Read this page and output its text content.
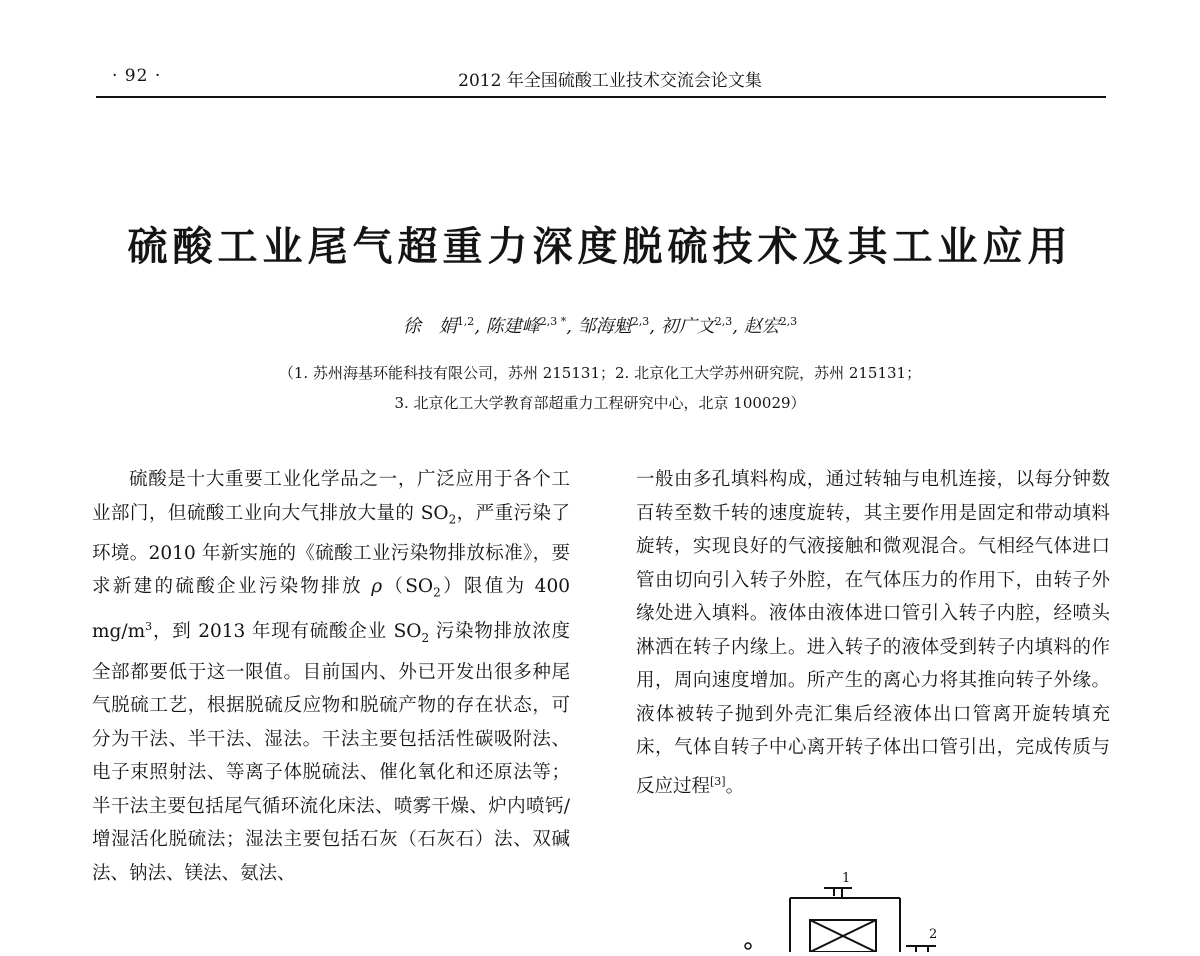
· 92 ·	2012 年全国硫酸工业技术交流会论文集
硫酸工业尾气超重力深度脱硫技术及其工业应用
徐　娟$^{1,2}$, 陈建峰$^{2,3 *}$, 邹海魁$^{2,3}$, 初广文$^{2,3}$, 赵宏$^{2,3}$
（1. 苏州海基环能科技有限公司，苏州 215131；2. 北京化工大学苏州研究院，苏州 215131；
3. 北京化工大学教育部超重力工程研究中心，北京 100029）

硫酸是十大重要工业化学品之一，广泛应用于各个工业部门，但硫酸工业向大气排放大量的 $SO_2$，严重污染了环境。2010 年新实施的《硫酸工业污染物排放标准》，要求新建的硫酸企业污染物排放 $\rho(SO_2)$限值为 400 $mg/m^3$，到 2013 年现有硫酸企业 $SO_2$ 污染物排放浓度全部都要低于这一限值。目前国内、外已开发出很多种尾气脱硫工艺，根据脱硫反应物和脱硫产物的存在状态，可分为干法、半干法、湿法。干法主要包括活性碳吸附法、电子束照射法、等离子体脱硫法、催化氧化和还原法等；半干法主要包括尾气循环流化床法、喷雾干燥、炉内喷钙/增湿活化脱硫法；湿法主要包括石灰（石灰石）法、双碱法、钠法、镁法、氨法、

一般由多孔填料构成，通过转轴与电机连接，以每分钟数百转至数千转的速度旋转，其主要作用是固定和带动填料旋转，实现良好的气液接触和微观混合。气相经气体进口管由切向引入转子外腔，在气体压力的作用下，由转子外缘处进入填料。液体由液体进口管引入转子内腔，经喷头淋洒在转子内缘上。进入转子的液体受到转子内填料的作用，周向速度增加。所产生的离心力将其推向转子外缘。液体被转子抛到外壳汇集后经液体出口管离开旋转填充床，气体自转子中心离开转子体出口管引出，完成传质与反应过程[3]。

1
2
